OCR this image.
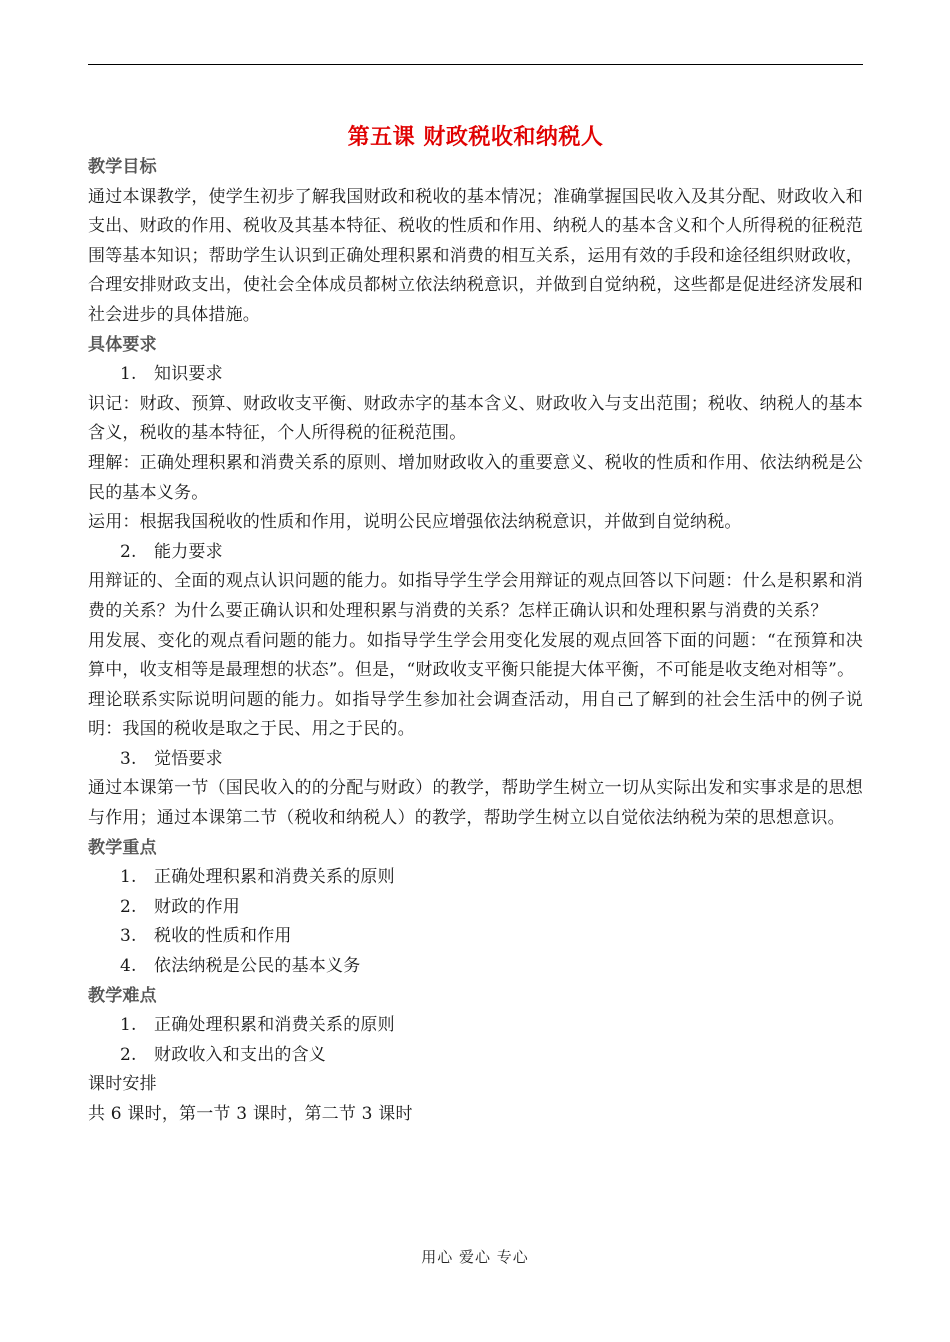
第五课 财政税收和纳税人

教学目标

通过本课教学，使学生初步了解我国财政和税收的基本情况；准确掌握国民收入及其分配、财政收入和支出、财政的作用、税收及其基本特征、税收的性质和作用、纳税人的基本含义和个人所得税的征税范围等基本知识；帮助学生认识到正确处理积累和消费的相互关系，运用有效的手段和途径组织财政收，合理安排财政支出，使社会全体成员都树立依法纳税意识，并做到自觉纳税，这些都是促进经济发展和社会进步的具体措施。

具体要求

1. 知识要求

识记：财政、预算、财政收支平衡、财政赤字的基本含义、财政收入与支出范围；税收、纳税人的基本含义，税收的基本特征，个人所得税的征税范围。

理解：正确处理积累和消费关系的原则、增加财政收入的重要意义、税收的性质和作用、依法纳税是公民的基本义务。

运用：根据我国税收的性质和作用，说明公民应增强依法纳税意识，并做到自觉纳税。

2. 能力要求

用辩证的、全面的观点认识问题的能力。如指导学生学会用辩证的观点回答以下问题：什么是积累和消费的关系？为什么要正确认识和处理积累与消费的关系？怎样正确认识和处理积累与消费的关系？

用发展、变化的观点看问题的能力。如指导学生学会用变化发展的观点回答下面的问题：“在预算和决算中，收支相等是最理想的状态”。但是，“财政收支平衡只能提大体平衡，不可能是收支绝对相等”。

理论联系实际说明问题的能力。如指导学生参加社会调查活动，用自己了解到的社会生活中的例子说明：我国的税收是取之于民、用之于民的。

3. 觉悟要求

通过本课第一节（国民收入的的分配与财政）的教学，帮助学生树立一切从实际出发和实事求是的思想与作用；通过本课第二节（税收和纳税人）的教学，帮助学生树立以自觉依法纳税为荣的思想意识。

教学重点

1. 正确处理积累和消费关系的原则

2. 财政的作用

3. 税收的性质和作用

4. 依法纳税是公民的基本义务

教学难点

1. 正确处理积累和消费关系的原则

2. 财政收入和支出的含义

课时安排

共 6 课时，第一节 3 课时，第二节 3 课时

用心 爱心 专心
